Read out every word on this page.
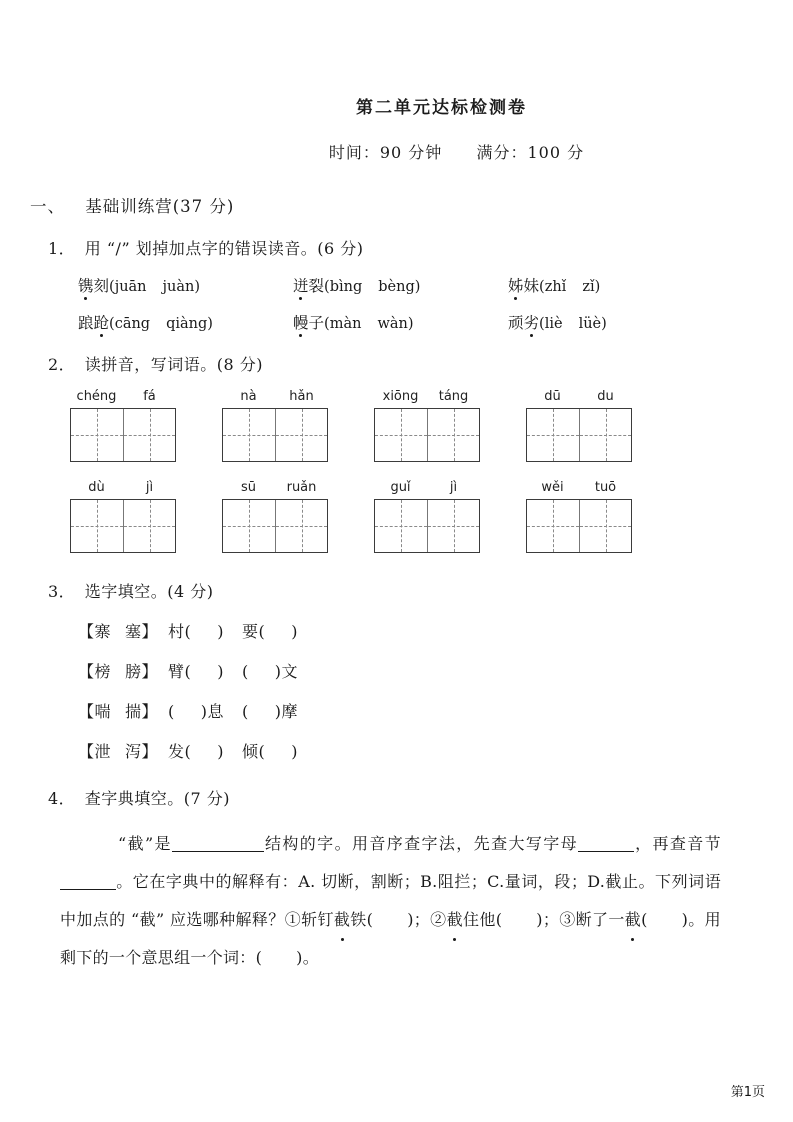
第二单元达标检测卷
时间：90 分钟 满分：100 分
一、 基础训练营(37 分)
1． 用 “/” 划掉加点字的错误读音。(6 分)
镌刻(juān juàn)	迸裂(bìng bèng)	姊妹(zhǐ zǐ)
踉跄(cāng qiàng)	幔子(màn wàn)	顽劣(liè lüè)
2． 读拼音，写词语。(8 分)
chéng	fá	nà	hǎn	xiōng	táng	dū	du
dù	jì	sū	ruǎn	guǐ	jì	wěi	tuō
3． 选字填空。(4 分)
【寨 塞】 村( ) 要( )
【榜 膀】 臂( ) ( )文
【喘 揣】 ( )息 ( )摩
【泄 泻】 发( ) 倾( )
4． 查字典填空。(7 分)
“截”是	结构的字。用音序查字法，先查大写字母	，再查音节。它在字典中的解释有：A. 切断，割断；B.阻拦；C.量词，段；D.截止。下列词语中加点的 “截” 应选哪种解释？①斩钉截铁( )；②截住他( )；③断了一截( )。用剩下的一个意思组一个词：( )。
第1页
